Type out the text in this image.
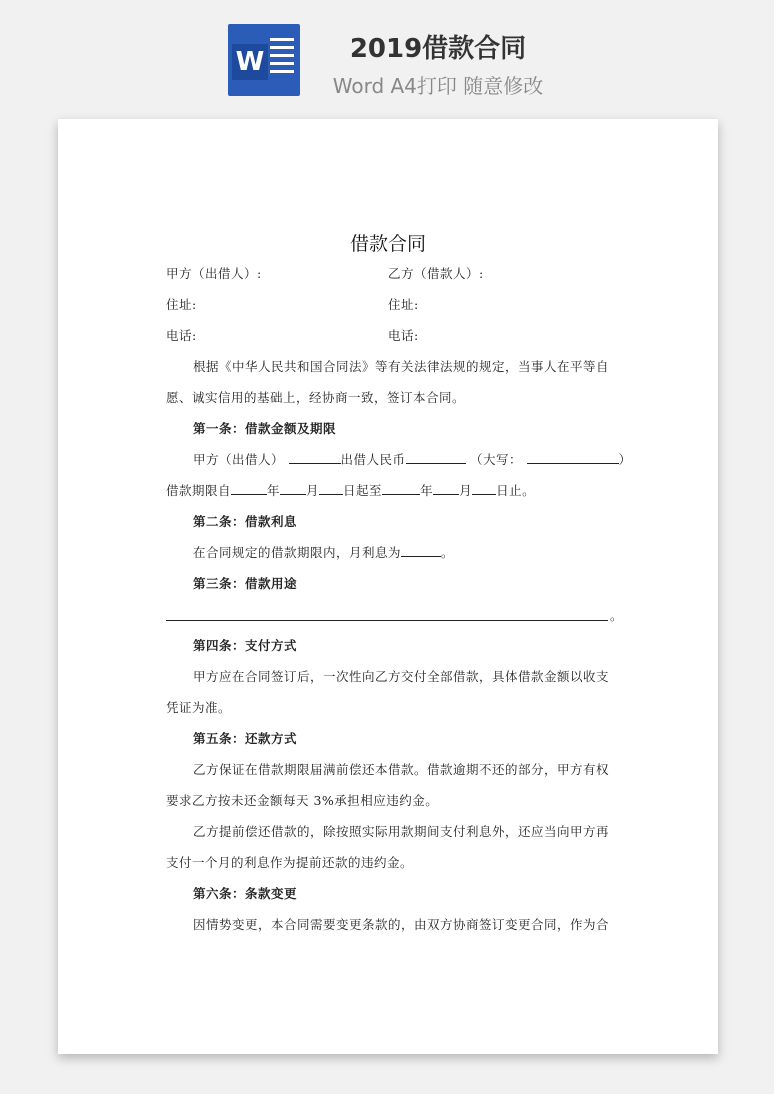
W	2019借款合同
Word A4打印 随意修改
借款合同
甲方（出借人）:	乙方（借款人）:
住址:	住址:
电话:	电话:
根据《中华人民共和国合同法》等有关法律法规的规定，当事人在平等自
愿、诚实信用的基础上，经协商一致，签订本合同。
第一条：借款金额及期限
甲方（出借人）	出借人民币	（大写：	）
借款期限自	年 月 日起至	年 月 日止。
第二条：借款利息
在合同规定的借款期限内，月利息为	。
第三条：借款用途
。
第四条：支付方式
甲方应在合同签订后，一次性向乙方交付全部借款，具体借款金额以收支
凭证为准。
第五条：还款方式
乙方保证在借款期限届满前偿还本借款。借款逾期不还的部分，甲方有权
要求乙方按未还金额每天 3%承担相应违约金。
乙方提前偿还借款的，除按照实际用款期间支付利息外，还应当向甲方再
支付一个月的利息作为提前还款的违约金。
第六条：条款变更
因情势变更，本合同需要变更条款的，由双方协商签订变更合同，作为合
